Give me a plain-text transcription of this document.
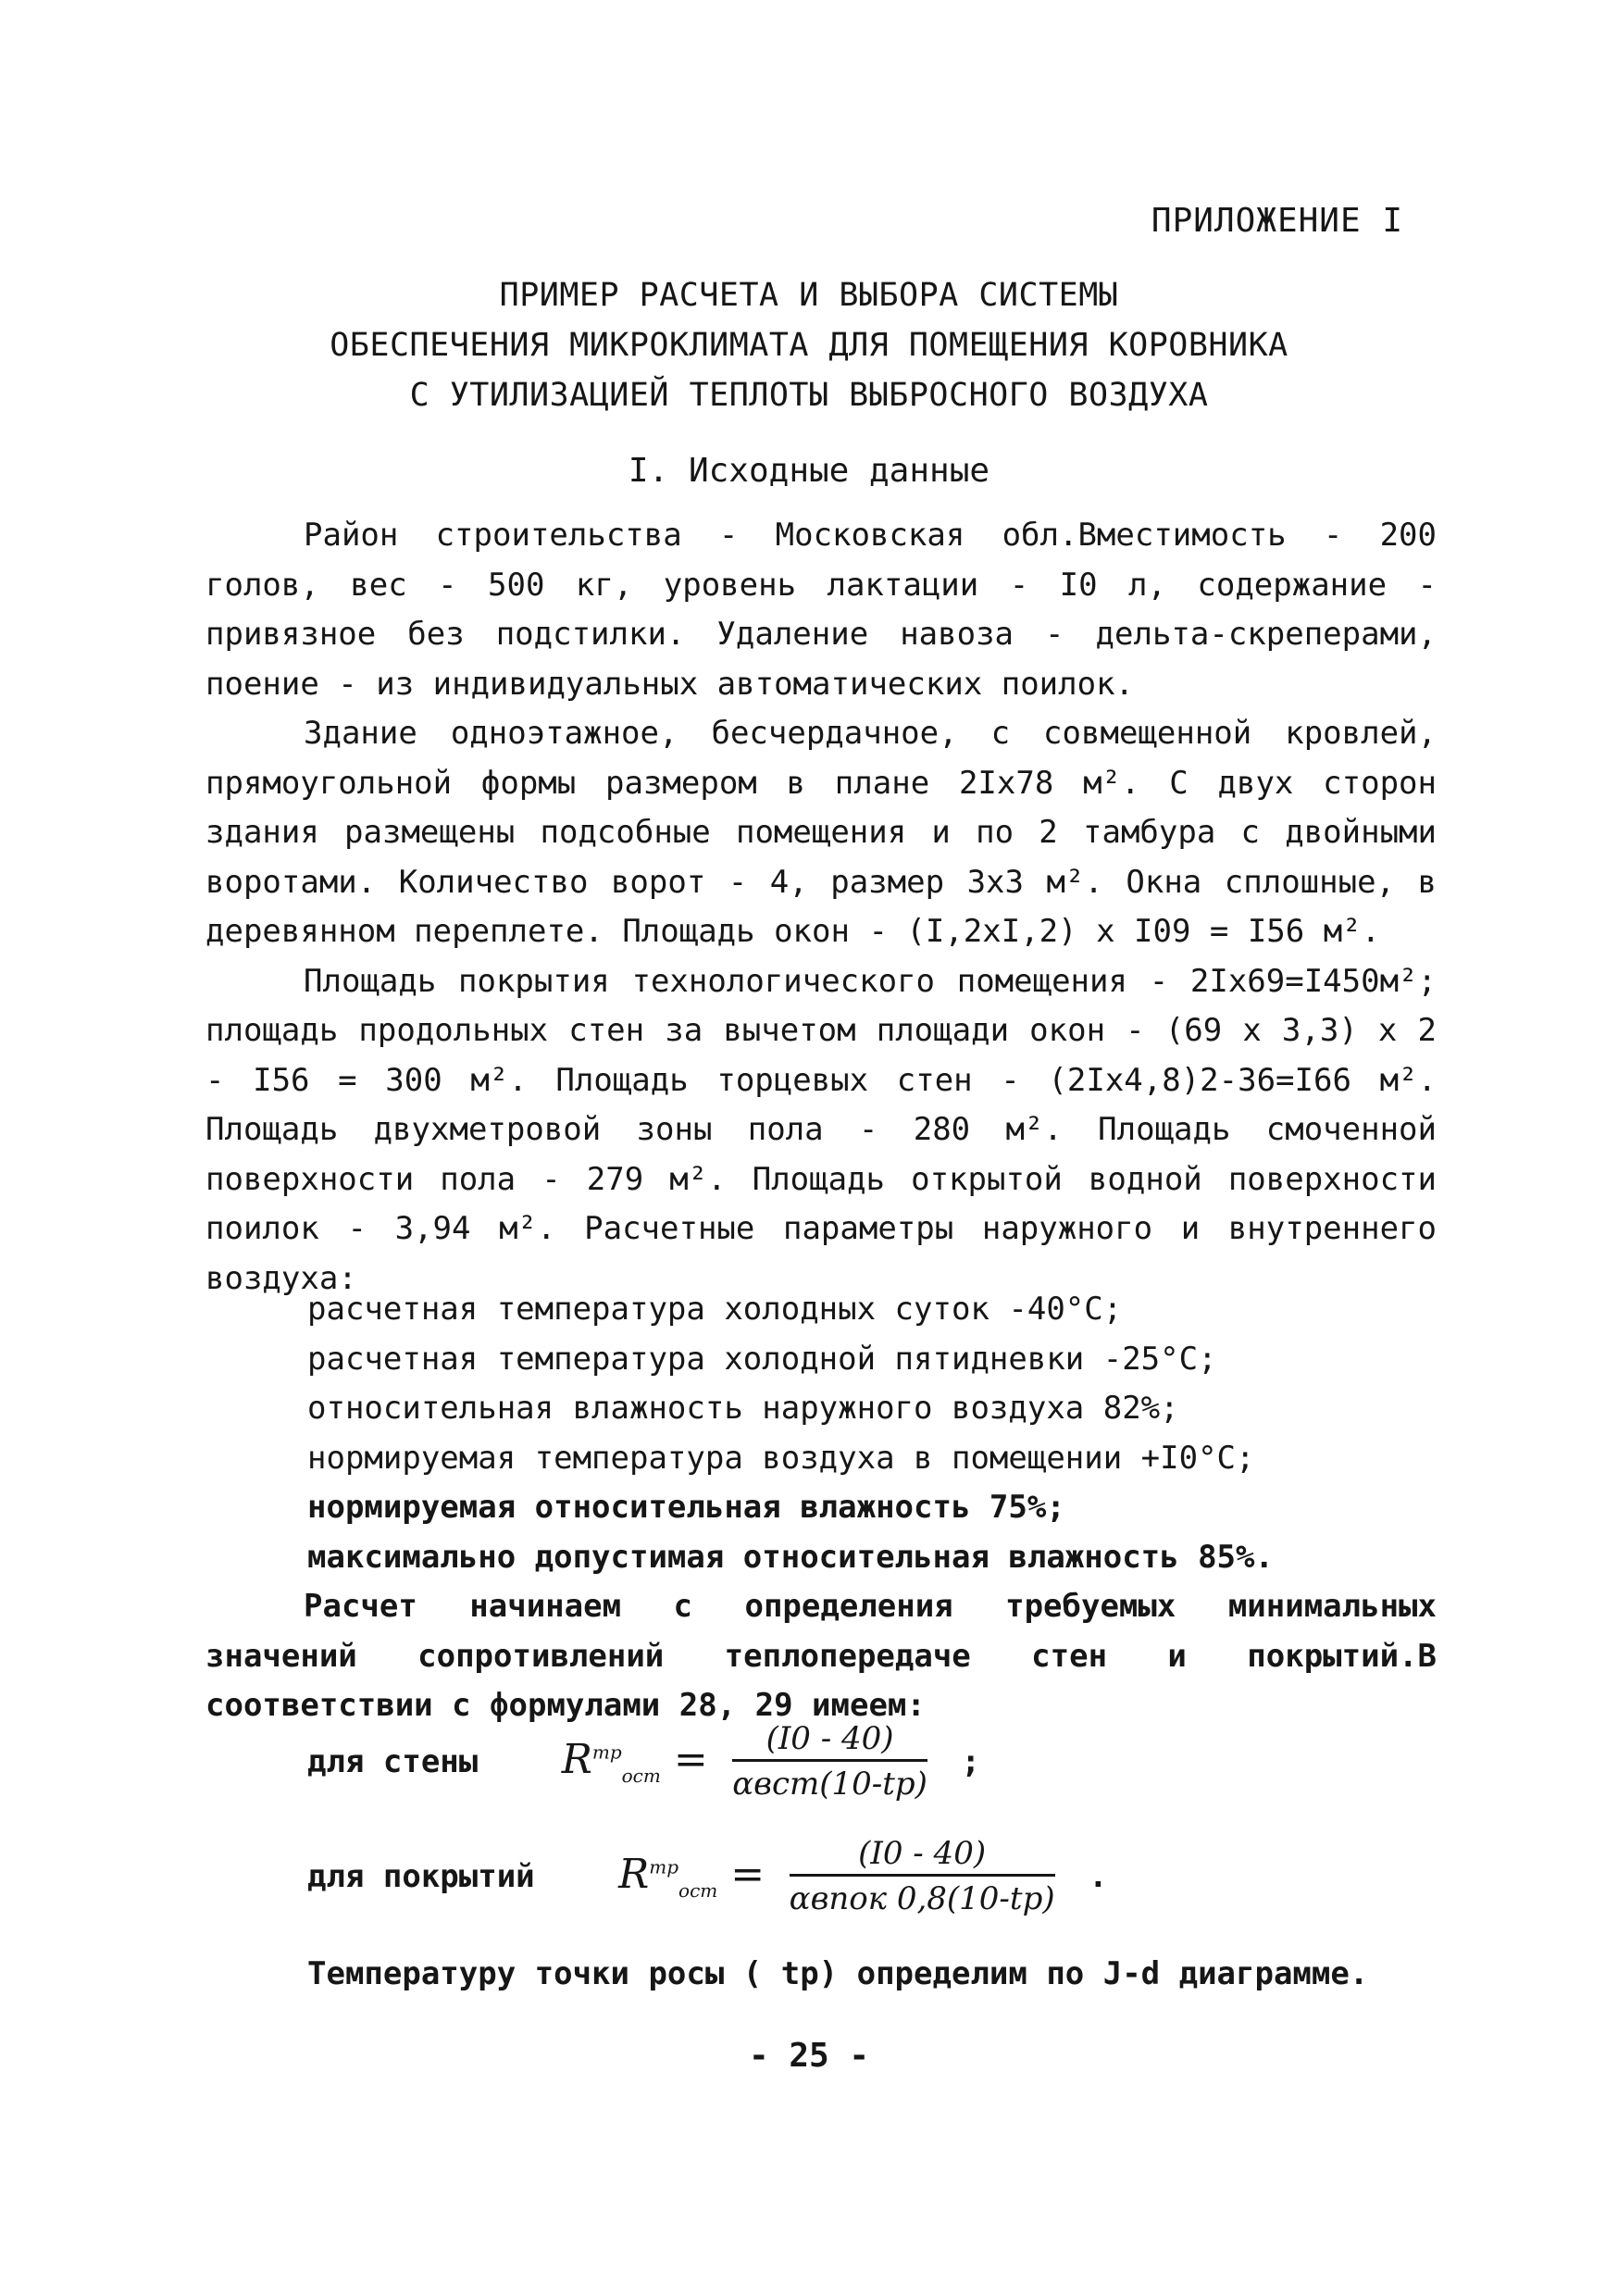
ПРИЛОЖЕНИЕ I
ПРИМЕР РАСЧЕТА И ВЫБОРА СИСТЕМЫ
ОБЕСПЕЧЕНИЯ МИКРОКЛИМАТА ДЛЯ ПОМЕЩЕНИЯ КОРОВНИКА
С УТИЛИЗАЦИЕЙ ТЕПЛОТЫ ВЫБРОСНОГО ВОЗДУХА
I. Исходные данные

Район строительства - Московская обл.Вместимость - 200 голов, вес - 500 кг, уровень лактации - I0 л, содержание - привязное без подстилки. Удаление навоза - дельта-скреперами, поение - из индивидуальных автоматических поилок.

Здание одноэтажное, бесчердачное, с совмещенной кровлей, прямоугольной формы размером в плане 2Iх78 м². С двух сторон здания размещены подсобные помещения и по 2 тамбура с двойными воротами. Количество ворот - 4, размер 3х3 м². Окна сплошные, в деревянном переплете. Площадь окон - (I,2хI,2) х I09 = I56 м².

Площадь покрытия технологического помещения - 2Iх69=I450м²; площадь продольных стен за вычетом площади окон - (69 х 3,3) х 2 - I56 = 300 м². Площадь торцевых стен - (2Iх4,8)2-36=I66 м². Площадь двухметровой зоны пола - 280 м². Площадь смоченной поверхности пола - 279 м². Площадь открытой водной поверхности поилок - 3,94 м². Расчетные параметры наружного и внутреннего воздуха:

расчетная температура холодных суток -40°С;
расчетная температура холодной пятидневки -25°С;
относительная влажность наружного воздуха 82%;
нормируемая температура воздуха в помещении +I0°С;
нормируемая относительная влажность 75%;
максимально допустимая относительная влажность 85%.

Расчет начинаем с определения требуемых минимальных значений сопротивлений теплопередаче стен и покрытий.В соответствии с формулами 28, 29 имеем:

для стены $R^{тр}_{ост} = \frac{(I0 - 40)}{\text{αвст(10-tр)}}$ ;
для покрытий $R^{тр}_{ост} = \frac{(I0 - 40)}{\text{αвпок 0,8(10-tр)}}$ .
Температуру точки росы ( tр) определим по J-d диаграмме.
- 25 -
